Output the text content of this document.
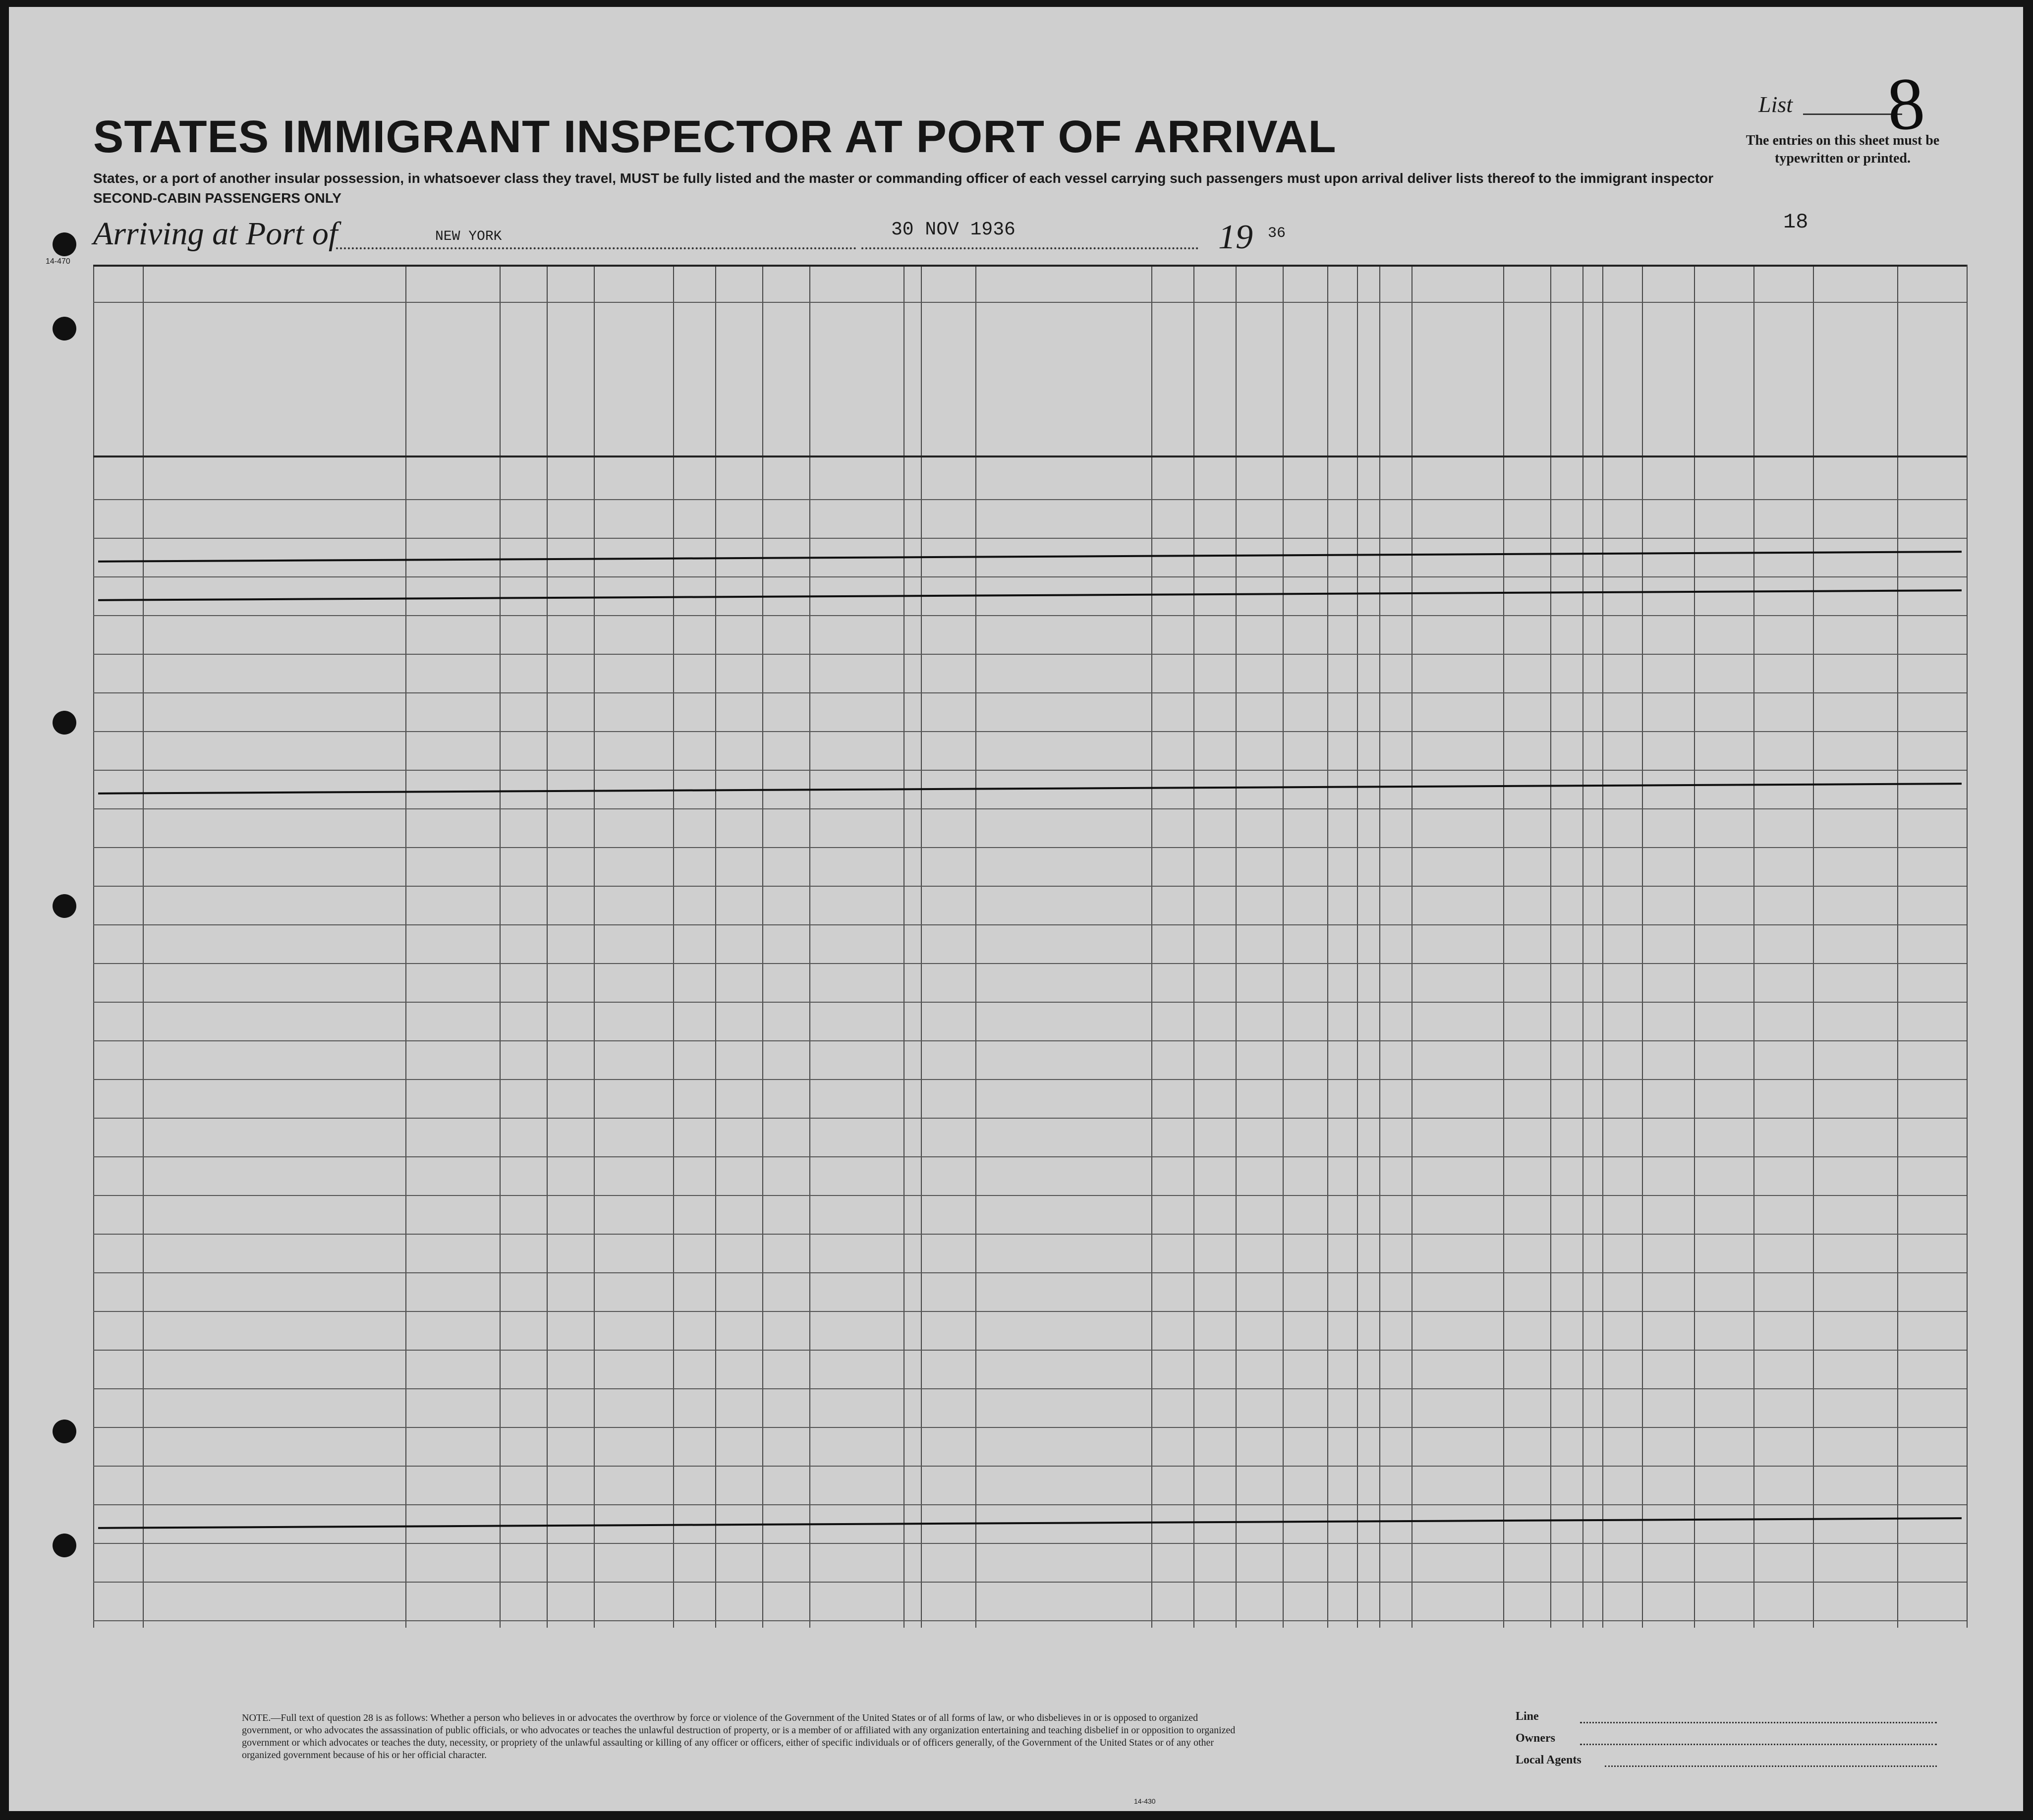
STATES IMMIGRANT INSPECTOR AT PORT OF ARRIVAL
States, or a port of another insular possession, in whatsoever class they travel, MUST be fully listed and the master or commanding officer of each vessel carrying such passengers must upon arrival deliver lists thereof to the immigrant inspector
SECOND-CABIN PASSENGERS ONLY
Arriving at Port of	NEW YORK	30 NOV 1936	19 36
List 8
The entries on this sheet must be typewritten or printed.
18
14-470
NOTE.—Full text of question 28 is as follows: Whether a person who believes in or advocates the overthrow by force or violence of the Government of the United States or of all forms of law, or who disbelieves in or is opposed to organized government, or who advocates the assassination of public officials, or who advocates or teaches the unlawful destruction of property, or is a member of or affiliated with any organization entertaining and teaching disbelief in or opposition to organized government or which advocates or teaches the duty, necessity, or propriety of the unlawful assaulting or killing of any officer or officers, either of specific individuals or of officers generally, of the Government of the United States or of any other organized government because of his or her official character.
Line
Owners
Local Agents
14-430
